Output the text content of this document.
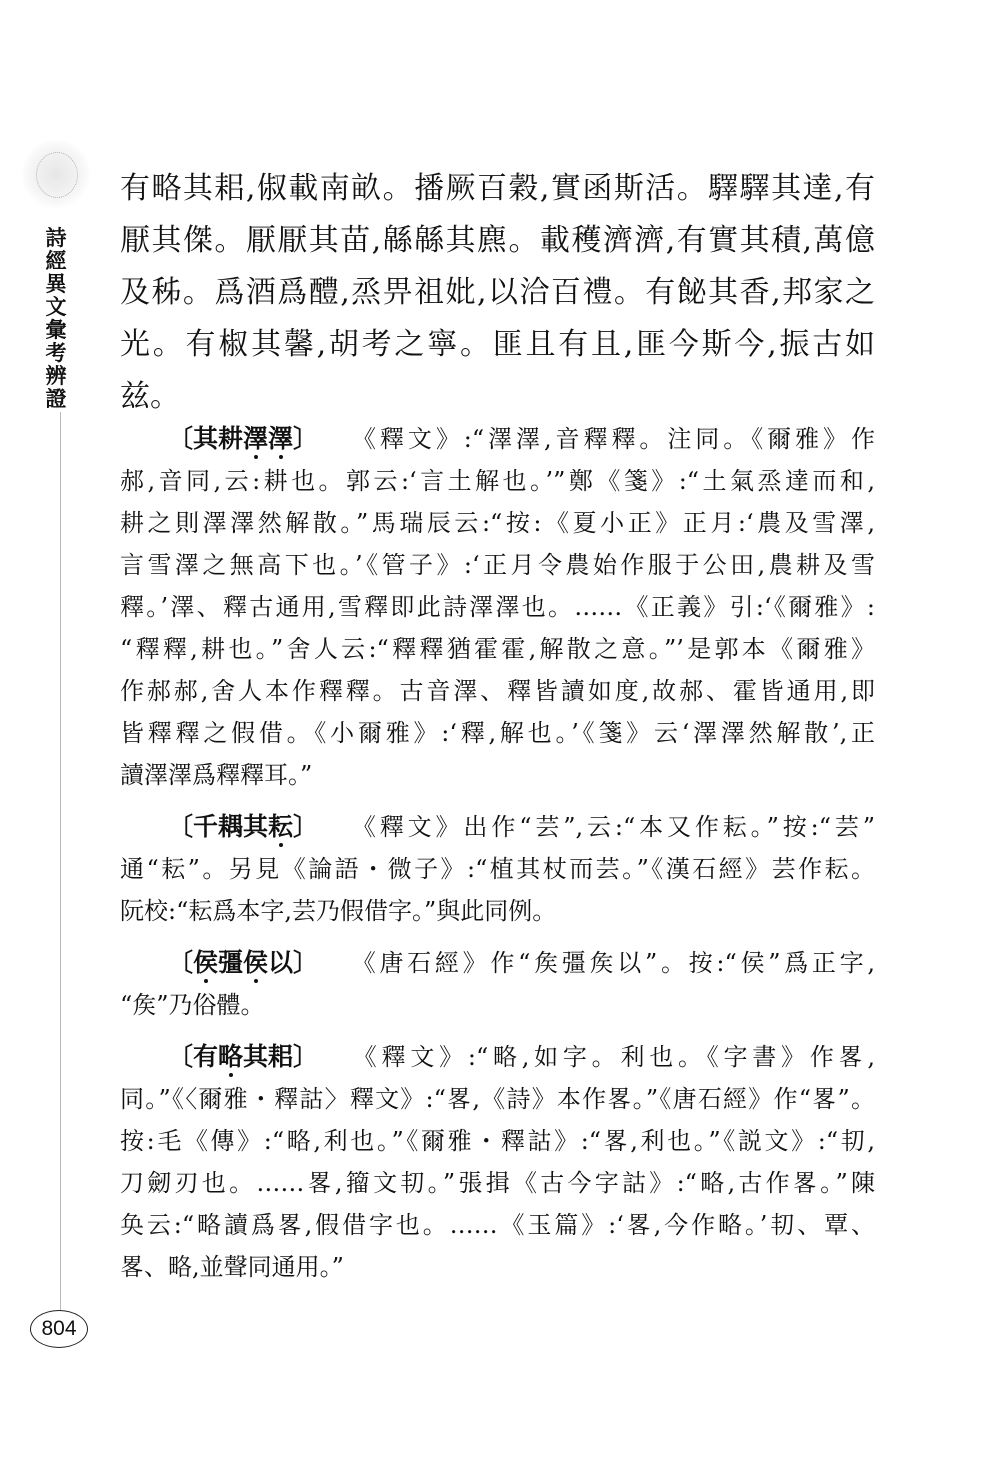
詩經異文彙考辨證
804
有略其耜,俶載南畝。播厥百穀,實函斯活。驛驛其達,有
厭其傑。厭厭其苗,緜緜其麃。載穫濟濟,有實其積,萬億
及秭。爲酒爲醴,烝畀祖妣,以洽百禮。有飶其香,邦家之
光。有椒其馨,胡考之寧。匪且有且,匪今斯今,振古如
兹。
〔其耕澤澤〕 《釋文》:“澤澤,音釋釋。注同。《爾雅》作
郝,音同,云:耕也。郭云:‘言土解也。’”鄭《箋》:“土氣烝達而和,
耕之則澤澤然解散。”馬瑞辰云:“按:《夏小正》正月:‘農及雪澤,
言雪澤之無高下也。’《管子》:‘正月令農始作服于公田,農耕及雪
釋。’澤、釋古通用,雪釋即此詩澤澤也。……《正義》引:‘《爾雅》:
“釋釋,耕也。”舍人云:“釋釋猶霍霍,解散之意。”’是郭本《爾雅》
作郝郝,舍人本作釋釋。古音澤、釋皆讀如度,故郝、霍皆通用,即
皆釋釋之假借。《小爾雅》:‘釋,解也。’《箋》云‘澤澤然解散’,正
讀澤澤爲釋釋耳。”
〔千耦其耘〕 《釋文》出作“芸”,云:“本又作耘。”按:“芸”
通“耘”。另見《論語・微子》:“植其杖而芸。”《漢石經》芸作耘。
阮校:“耘爲本字,芸乃假借字。”與此同例。
〔侯彊侯以〕 《唐石經》作“矦彊矦以”。按:“侯”爲正字,
“矦”乃俗體。
〔有略其耜〕 《釋文》:“略,如字。利也。《字書》作畧,
同。”《〈爾雅・釋詁〉釋文》:“畧,《詩》本作畧。”《唐石經》作“畧”。
按:毛《傳》:“略,利也。”《爾雅・釋詁》:“畧,利也。”《説文》:“㓞,
刀劒刃也。……畧,籀文㓞。”張揖《古今字詁》:“略,古作畧。”陳
奂云:“略讀爲畧,假借字也。……《玉篇》:‘畧,今作略。’㓞、覃、
畧、略,並聲同通用。”
